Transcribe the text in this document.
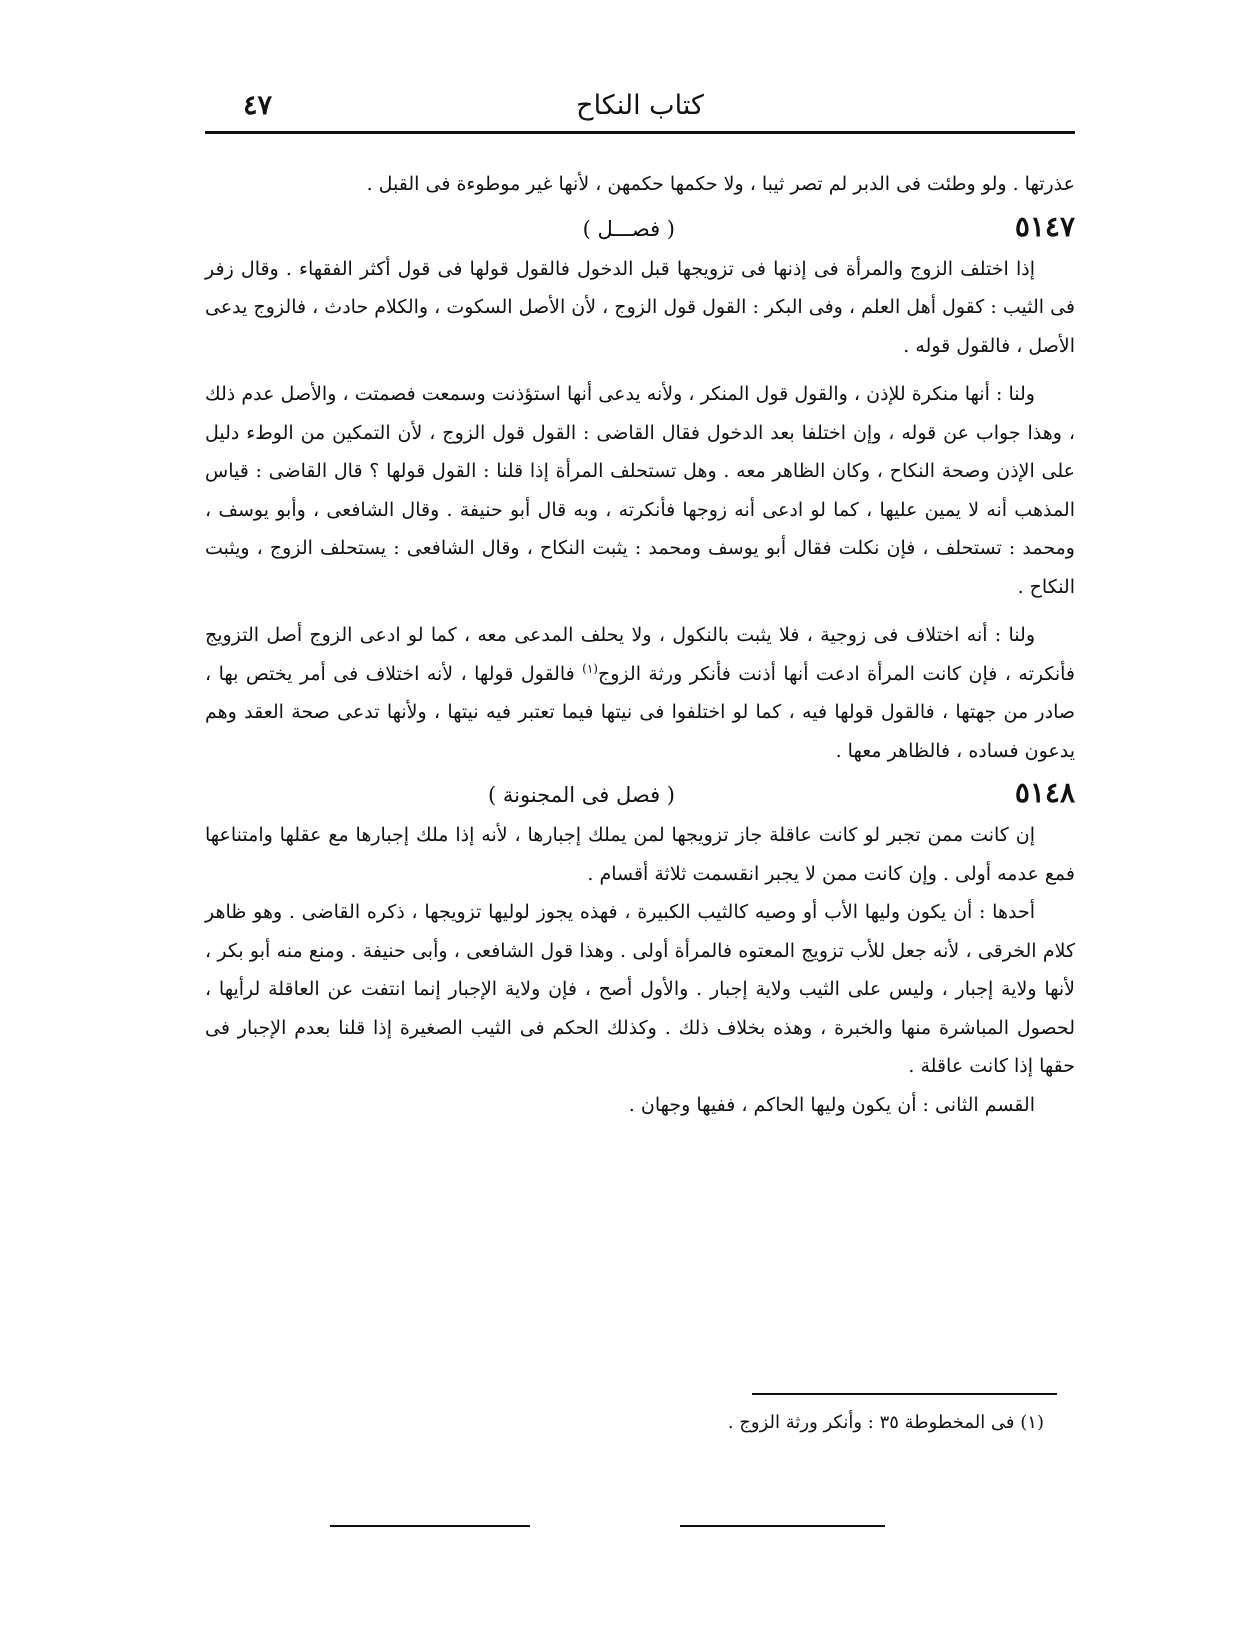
٤٧	كتاب النكاح

عذرتها . ولو وطئت فى الدبر لم تصر ثيبا ، ولا حكمها حكمهن ، لأنها غير موطوءة فى القبل .

٥١٤٧
( فصـــل )

إذا اختلف الزوج والمرأة فى إذنها فى تزويجها قبل الدخول فالقول قولها فى قول أكثر الفقهاء . وقال زفر فى الثيب : كقول أهل العلم ، وفى البكر : القول قول الزوج ، لأن الأصل السكوت ، والكلام حادث ، فالزوج يدعى الأصل ، فالقول قوله .

ولنا : أنها منكرة للإذن ، والقول قول المنكر ، ولأنه يدعى أنها استؤذنت وسمعت فصمتت ، والأصل عدم ذلك ، وهذا جواب عن قوله ، وإن اختلفا بعد الدخول فقال القاضى : القول قول الزوج ، لأن التمكين من الوطء دليل على الإذن وصحة النكاح ، وكان الظاهر معه . وهل تستحلف المرأة إذا قلنا : القول قولها ؟ قال القاضى : قياس المذهب أنه لا يمين عليها ، كما لو ادعى أنه زوجها فأنكرته ، وبه قال أبو حنيفة . وقال الشافعى ، وأبو يوسف ، ومحمد : تستحلف ، فإن نكلت فقال أبو يوسف ومحمد : يثبت النكاح ، وقال الشافعى : يستحلف الزوج ، ويثبت النكاح .

ولنا : أنه اختلاف فى زوجية ، فلا يثبت بالنكول ، ولا يحلف المدعى معه ، كما لو ادعى الزوج أصل التزويج فأنكرته ، فإن كانت المرأة ادعت أنها أذنت فأنكر ورثة الزوج$^{(١)}$ فالقول قولها ، لأنه اختلاف فى أمر يختص بها ، صادر من جهتها ، فالقول قولها فيه ، كما لو اختلفوا فى نيتها فيما تعتبر فيه نيتها ، ولأنها تدعى صحة العقد وهم يدعون فساده ، فالظاهر معها .

٥١٤٨
( فصل فى المجنونة )

إن كانت ممن تجبر لو كانت عاقلة جاز تزويجها لمن يملك إجبارها ، لأنه إذا ملك إجبارها مع عقلها وامتناعها فمع عدمه أولى . وإن كانت ممن لا يجبر انقسمت ثلاثة أقسام .

أحدها : أن يكون وليها الأب أو وصيه كالثيب الكبيرة ، فهذه يجوز لوليها تزويجها ، ذكره القاضى . وهو ظاهر كلام الخرقى ، لأنه جعل للأب تزويج المعتوه فالمرأة أولى . وهذا قول الشافعى ، وأبى حنيفة . ومنع منه أبو بكر ، لأنها ولاية إجبار ، وليس على الثيب ولاية إجبار . والأول أصح ، فإن ولاية الإجبار إنما انتفت عن العاقلة لرأيها ، لحصول المباشرة منها والخبرة ، وهذه بخلاف ذلك . وكذلك الحكم فى الثيب الصغيرة إذا قلنا بعدم الإجبار فى حقها إذا كانت عاقلة .

القسم الثانى : أن يكون وليها الحاكم ، ففيها وجهان .

(١) فى المخطوطة ٣٥ : وأنكر ورثة الزوج .
